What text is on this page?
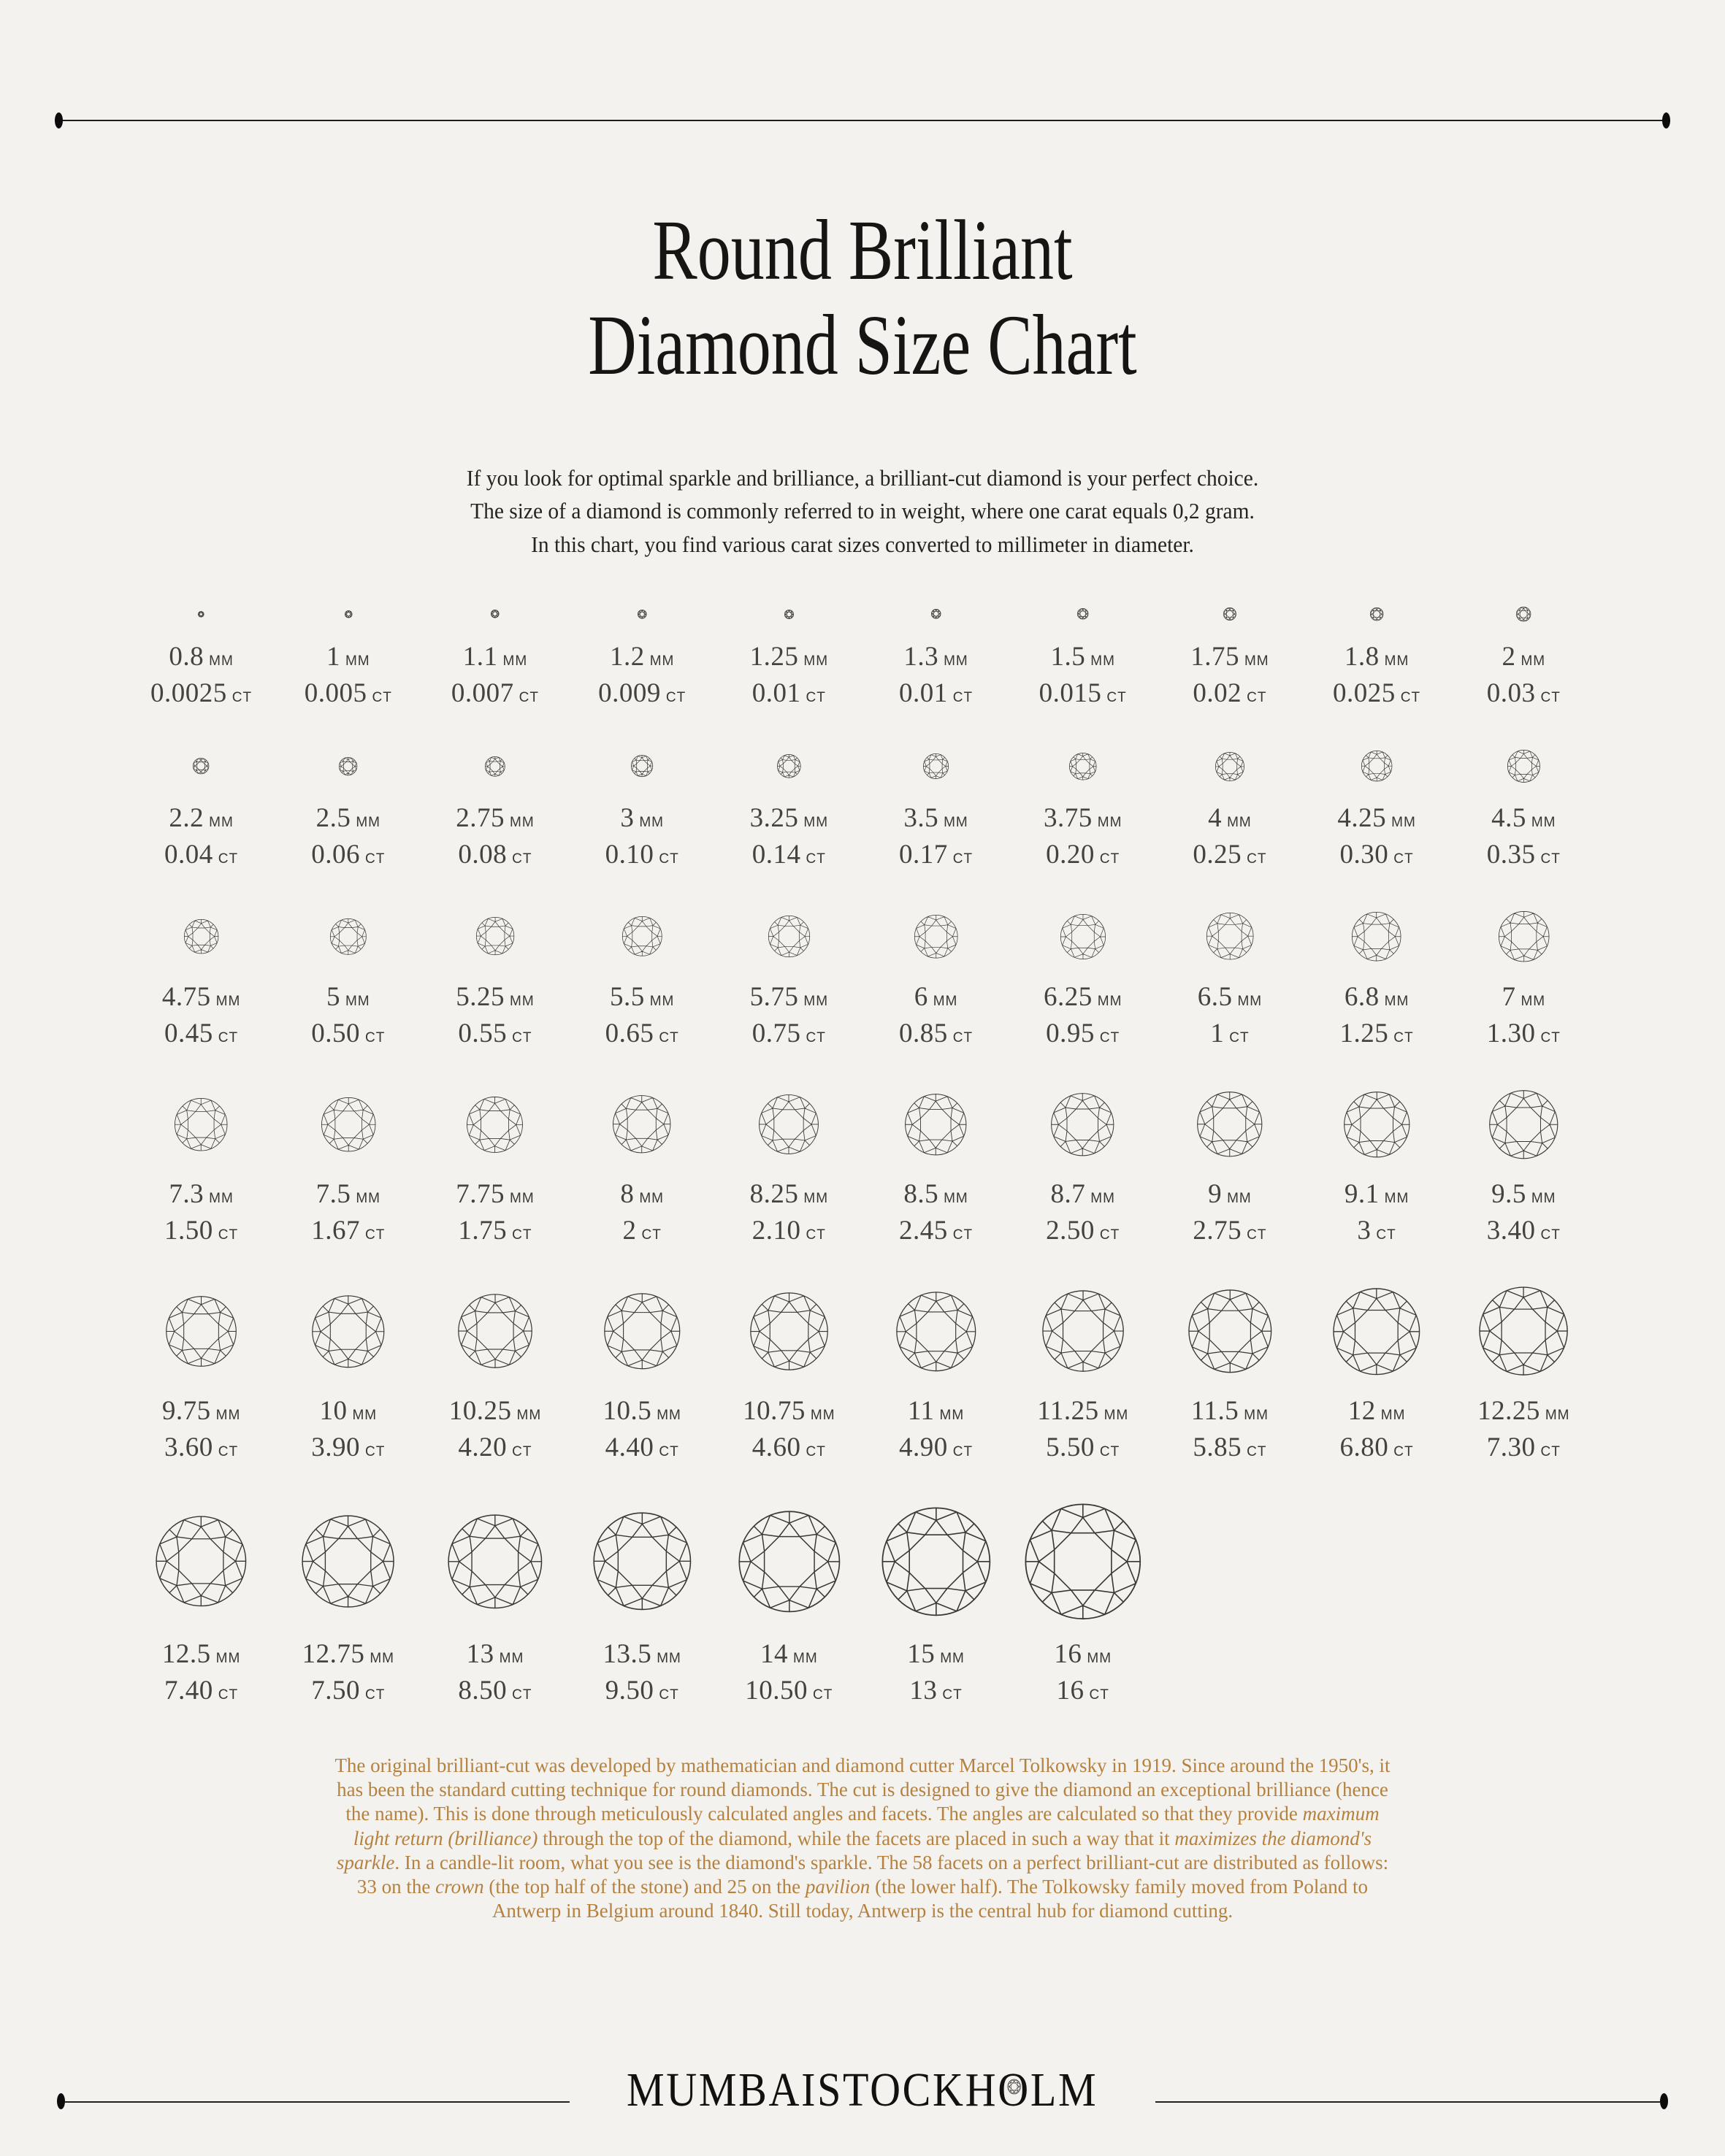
Round Brilliant
Diamond Size Chart

If you look for optimal sparkle and brilliance, a brilliant-cut diamond is your perfect choice.
The size of a diamond is commonly referred to in weight, where one carat equals 0,2 gram.
In this chart, you find various carat sizes converted to millimeter in diameter.

0.8 MM
0.0025 CT
1 MM
0.005 CT
1.1 MM
0.007 CT
1.2 MM
0.009 CT
1.25 MM
0.01 CT
1.3 MM
0.01 CT
1.5 MM
0.015 CT
1.75 MM
0.02 CT
1.8 MM
0.025 CT
2 MM
0.03 CT
2.2 MM
0.04 CT
2.5 MM
0.06 CT
2.75 MM
0.08 CT
3 MM
0.10 CT
3.25 MM
0.14 CT
3.5 MM
0.17 CT
3.75 MM
0.20 CT
4 MM
0.25 CT
4.25 MM
0.30 CT
4.5 MM
0.35 CT
4.75 MM
0.45 CT
5 MM
0.50 CT
5.25 MM
0.55 CT
5.5 MM
0.65 CT
5.75 MM
0.75 CT
6 MM
0.85 CT
6.25 MM
0.95 CT
6.5 MM
1 CT
6.8 MM
1.25 CT
7 MM
1.30 CT
7.3 MM
1.50 CT
7.5 MM
1.67 CT
7.75 MM
1.75 CT
8 MM
2 CT
8.25 MM
2.10 CT
8.5 MM
2.45 CT
8.7 MM
2.50 CT
9 MM
2.75 CT
9.1 MM
3 CT
9.5 MM
3.40 CT
9.75 MM
3.60 CT
10 MM
3.90 CT
10.25 MM
4.20 CT
10.5 MM
4.40 CT
10.75 MM
4.60 CT
11 MM
4.90 CT
11.25 MM
5.50 CT
11.5 MM
5.85 CT
12 MM
6.80 CT
12.25 MM
7.30 CT
12.5 MM
7.40 CT
12.75 MM
7.50 CT
13 MM
8.50 CT
13.5 MM
9.50 CT
14 MM
10.50 CT
15 MM
13 CT
16 MM
16 CT

The original brilliant-cut was developed by mathematician and diamond cutter Marcel Tolkowsky in 1919. Since around the 1950's, it has been the standard cutting technique for round diamonds. The cut is designed to give the diamond an exceptional brilliance (hence the name). This is done through meticulously calculated angles and facets. The angles are calculated so that they provide maximum light return (brilliance) through the top of the diamond, while the facets are placed in such a way that it maximizes the diamond's sparkle. In a candle-lit room, what you see is the diamond's sparkle. The 58 facets on a perfect brilliant-cut are distributed as follows: 33 on the crown (the top half of the stone) and 25 on the pavilion (the lower half). The Tolkowsky family moved from Poland to Antwerp in Belgium around 1840. Still today, Antwerp is the central hub for diamond cutting.

MUMBAISTOCKHO
LM
